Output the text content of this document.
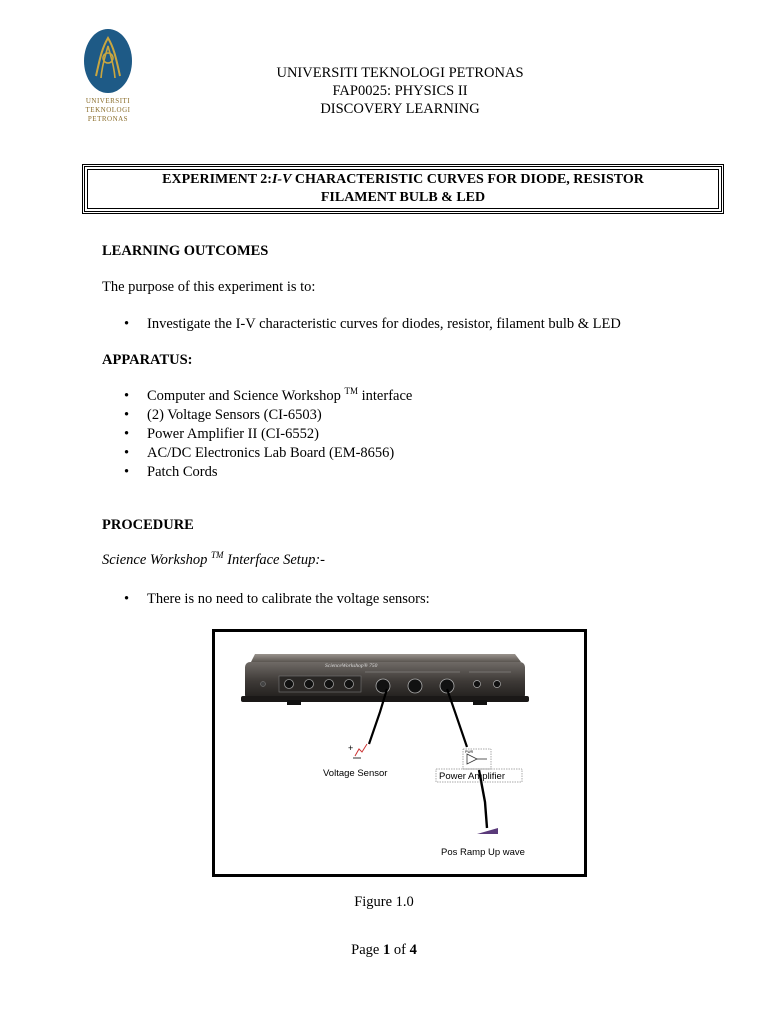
UNIVERSITI
TEKNOLOGI
PETRONAS
UNIVERSITI TEKNOLOGI PETRONAS
FAP0025: PHYSICS II
DISCOVERY LEARNING
EXPERIMENT 2:I-V CHARACTERISTIC CURVES FOR DIODE, RESISTOR
FILAMENT BULB & LED
LEARNING OUTCOMES
The purpose of this experiment is to:
• Investigate the I-V characteristic curves for diodes, resistor, filament bulb & LED
APPARATUS:
• Computer and Science Workshop ™ interface
• (2) Voltage Sensors (CI-6503)
• Power Amplifier II (CI-6552)
• AC/DC Electronics Lab Board (EM-8656)
• Patch Cords
PROCEDURE
Science Workshop ™ Interface Setup:-
• There is no need to calibrate the voltage sensors:
ScienceWorkshop® 750
+
Voltage Sensor
PWR
Power Amplifier
Pos Ramp Up wave
Figure 1.0
Page 1 of 4
